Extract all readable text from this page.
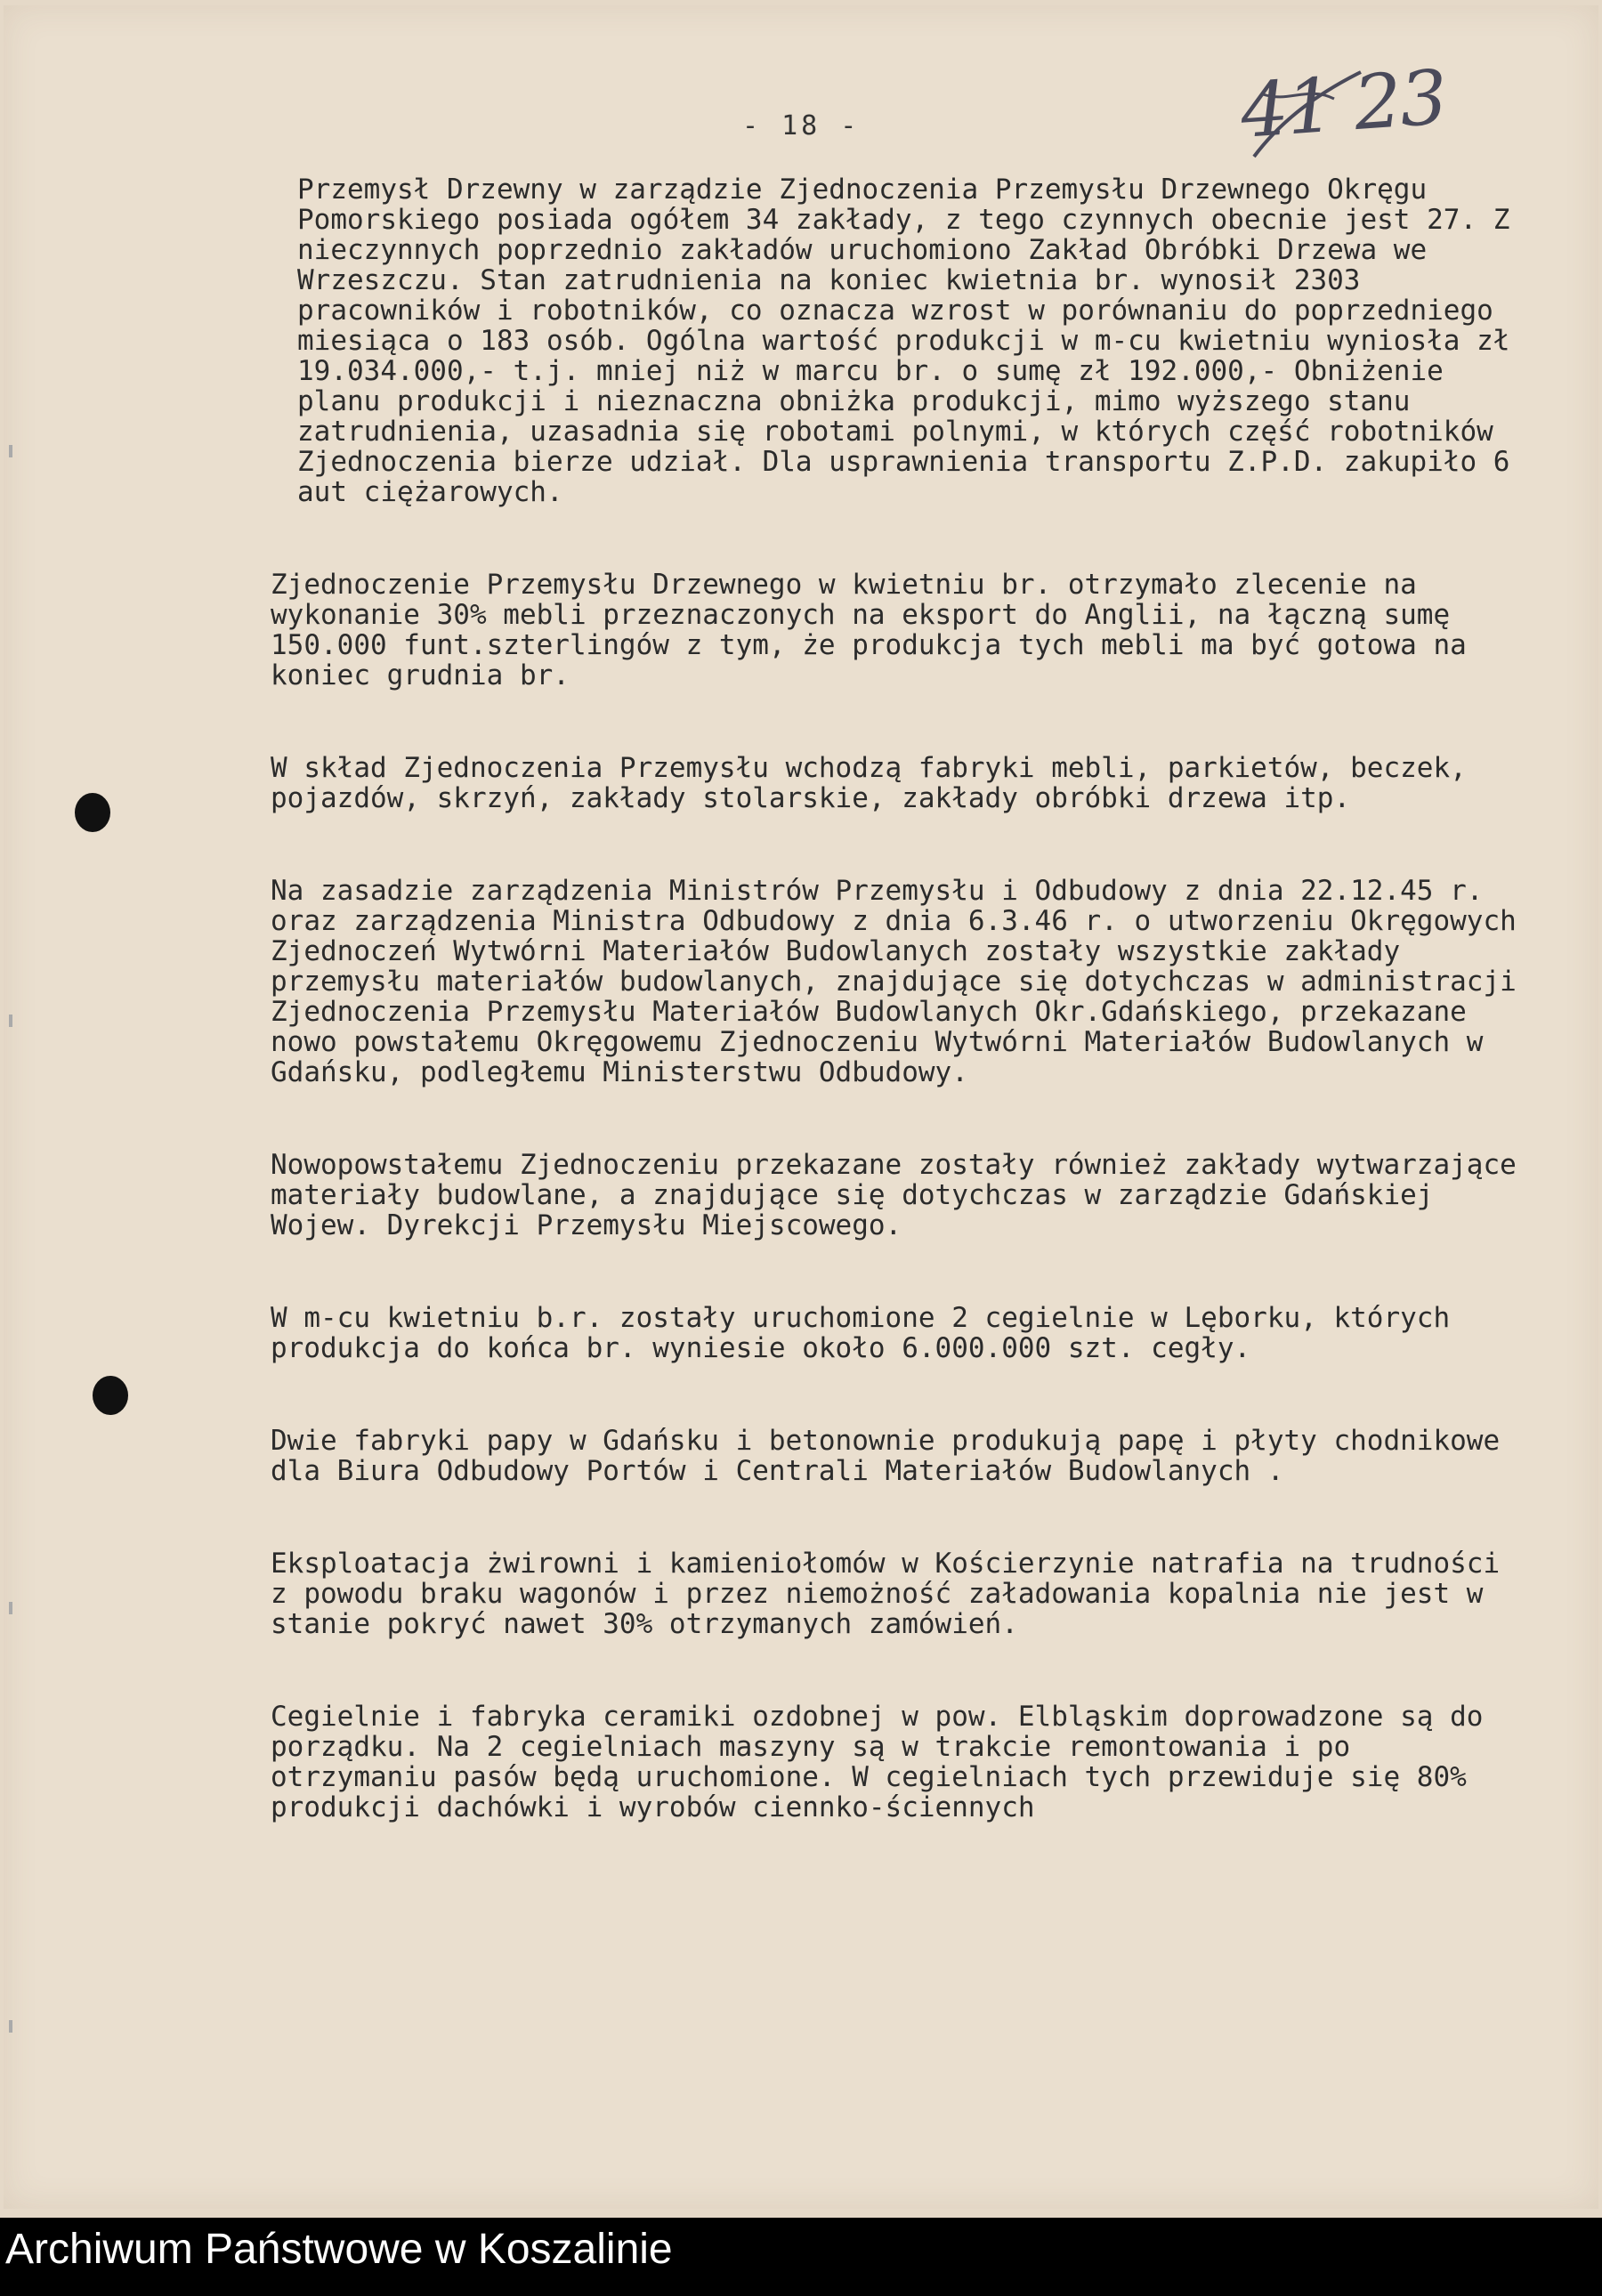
- 18 -	41 23

Przemysł Drzewny w zarządzie Zjednoczenia Przemysłu Drzewnego Okręgu Pomorskiego posiada ogółem 34 zakłady, z tego czynnych obecnie jest 27. Z nieczynnych poprzednio zakładów uruchomiono Zakład Obróbki Drzewa we Wrzeszczu. Stan zatrudnienia na koniec kwietnia br. wynosił 2303 pracowników i robotników, co oznacza wzrost w porównaniu do poprzedniego miesiąca o 183 osób. Ogólna wartość produkcji w m-cu kwietniu wyniosła zł 19.034.000,- t.j. mniej niż w marcu br. o sumę zł 192.000,- Obniżenie planu produkcji i nieznaczna obniżka produkcji, mimo wyższego stanu zatrudnienia, uzasadnia się robotami polnymi, w których część robotników Zjednoczenia bierze udział. Dla usprawnienia transportu Z.P.D. zakupiło 6 aut ciężarowych.

Zjednoczenie Przemysłu Drzewnego w kwietniu br. otrzymało zlecenie na wykonanie 30% mebli przeznaczonych na eksport do Anglii, na łączną sumę 150.000 funt.szterlingów z tym, że produkcja tych mebli ma być gotowa na koniec grudnia br.

W skład Zjednoczenia Przemysłu wchodzą fabryki mebli, parkietów, beczek, pojazdów, skrzyń, zakłady stolarskie, zakłady obróbki drzewa itp.

Na zasadzie zarządzenia Ministrów Przemysłu i Odbudowy z dnia 22.12.45 r. oraz zarządzenia Ministra Odbudowy z dnia 6.3.46 r. o utworzeniu Okręgowych Zjednoczeń Wytwórni Materiałów Budowlanych zostały wszystkie zakłady przemysłu materiałów budowlanych, znajdujące się dotychczas w administracji Zjednoczenia Przemysłu Materiałów Budowlanych Okr.Gdańskiego, przekazane nowo powstałemu Okręgowemu Zjednoczeniu Wytwórni Materiałów Budowlanych w Gdańsku, podległemu Ministerstwu Odbudowy.

Nowopowstałemu Zjednoczeniu przekazane zostały również zakłady wytwarzające materiały budowlane, a znajdujące się dotychczas w zarządzie Gdańskiej Wojew. Dyrekcji Przemysłu Miejscowego.

W m-cu kwietniu b.r. zostały uruchomione 2 cegielnie w Lęborku, których produkcja do końca br. wyniesie około 6.000.000 szt. cegły.

Dwie fabryki papy w Gdańsku i betonownie produkują papę i płyty chodnikowe dla Biura Odbudowy Portów i Centrali Materiałów Budowlanych .

Eksploatacja żwirowni i kamieniołomów w Kościerzynie natrafia na trudności z powodu braku wagonów i przez niemożność załadowania kopalnia nie jest w stanie pokryć nawet 30% otrzymanych zamówień.

Cegielnie i fabryka ceramiki ozdobnej w pow. Elbląskim doprowadzone są do porządku. Na 2 cegielniach maszyny są w trakcie remontowania i po otrzymaniu pasów będą uruchomione. W cegielniach tych przewiduje się 80% produkcji dachówki i wyrobów ciennko-ściennych

Archiwum Państwowe w Koszalinie
